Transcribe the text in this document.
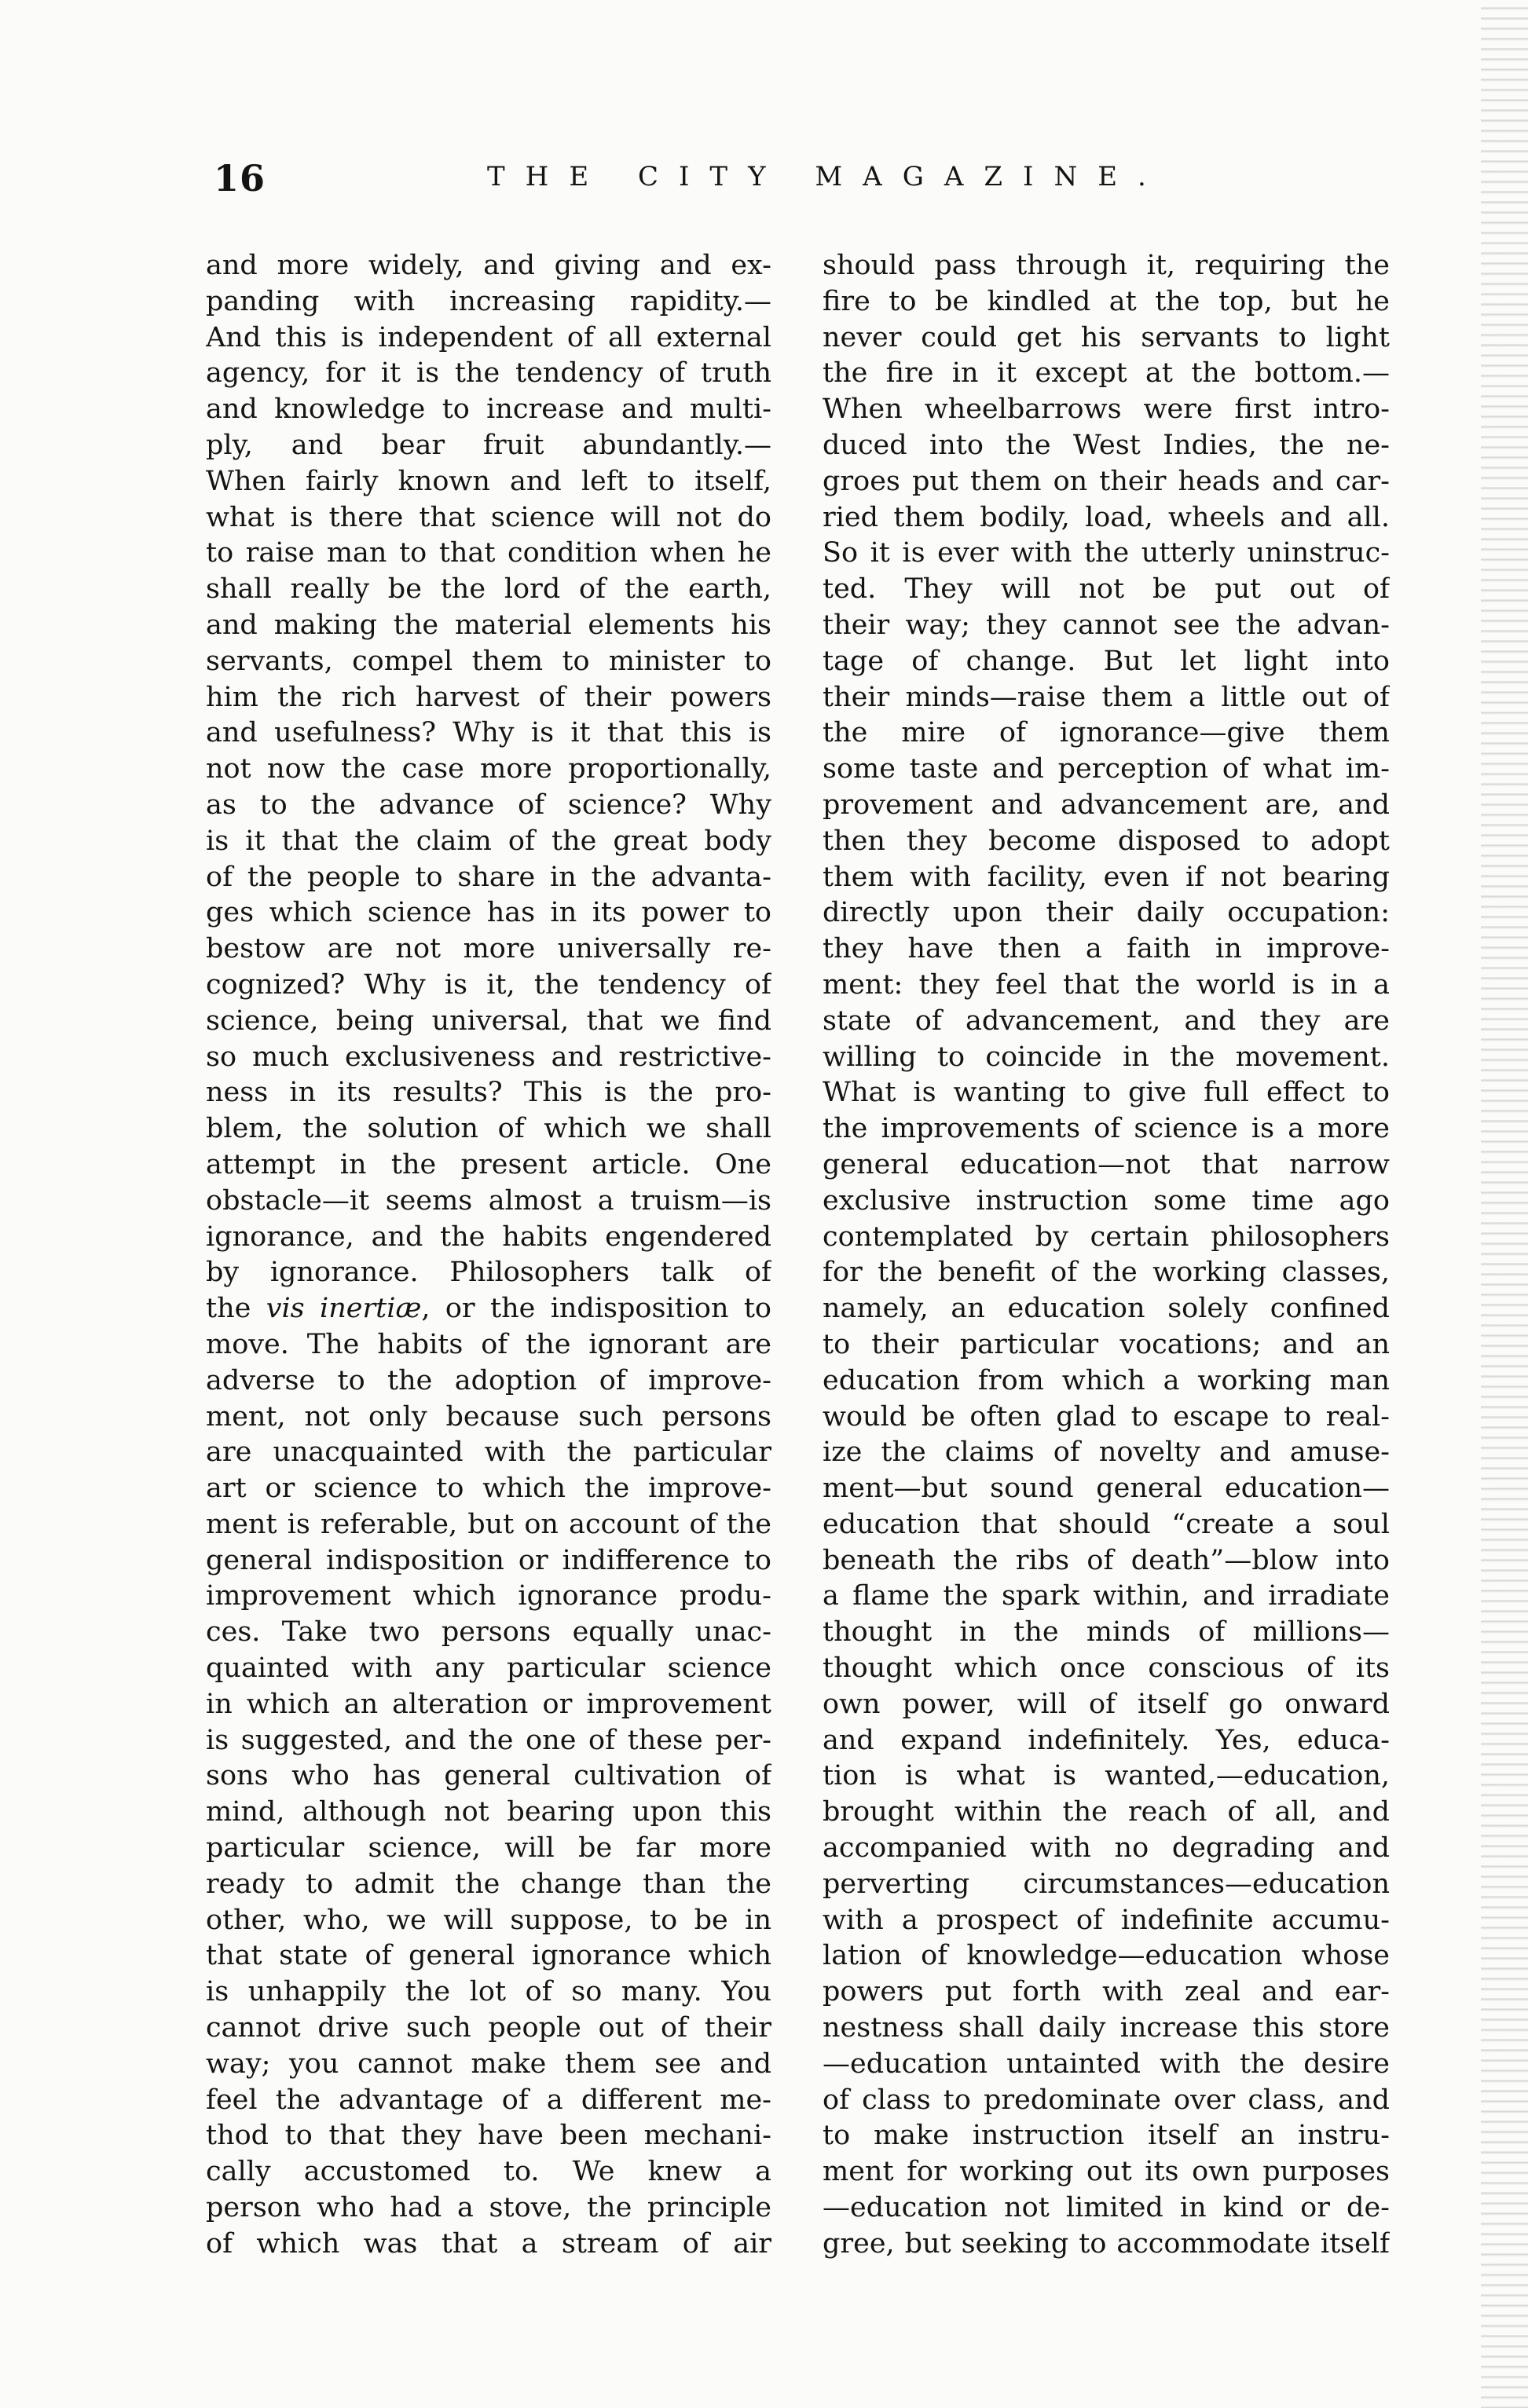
16	THE CITY MAGAZINE.
and more widely, and giving and ex-
panding with increasing rapidity.—
And this is independent of all external
agency, for it is the tendency of truth
and knowledge to increase and multi-
ply, and bear fruit abundantly.—
When fairly known and left to itself,
what is there that science will not do
to raise man to that condition when he
shall really be the lord of the earth,
and making the material elements his
servants, compel them to minister to
him the rich harvest of their powers
and usefulness? Why is it that this is
not now the case more proportionally,
as to the advance of science? Why
is it that the claim of the great body
of the people to share in the advanta-
ges which science has in its power to
bestow are not more universally re-
cognized? Why is it, the tendency of
science, being universal, that we find
so much exclusiveness and restrictive-
ness in its results? This is the pro-
blem, the solution of which we shall
attempt in the present article. One
obstacle—it seems almost a truism—is
ignorance, and the habits engendered
by ignorance. Philosophers talk of
the vis inertiæ, or the indisposition to
move. The habits of the ignorant are
adverse to the adoption of improve-
ment, not only because such persons
are unacquainted with the particular
art or science to which the improve-
ment is referable, but on account of the
general indisposition or indifference to
improvement which ignorance produ-
ces. Take two persons equally unac-
quainted with any particular science
in which an alteration or improvement
is suggested, and the one of these per-
sons who has general cultivation of
mind, although not bearing upon this
particular science, will be far more
ready to admit the change than the
other, who, we will suppose, to be in
that state of general ignorance which
is unhappily the lot of so many. You
cannot drive such people out of their
way; you cannot make them see and
feel the advantage of a different me-
thod to that they have been mechani-
cally accustomed to. We knew a
person who had a stove, the principle
of which was that a stream of air
should pass through it, requiring the
fire to be kindled at the top, but he
never could get his servants to light
the fire in it except at the bottom.—
When wheelbarrows were first intro-
duced into the West Indies, the ne-
groes put them on their heads and car-
ried them bodily, load, wheels and all.
So it is ever with the utterly uninstruc-
ted. They will not be put out of
their way; they cannot see the advan-
tage of change. But let light into
their minds—raise them a little out of
the mire of ignorance—give them
some taste and perception of what im-
provement and advancement are, and
then they become disposed to adopt
them with facility, even if not bearing
directly upon their daily occupation:
they have then a faith in improve-
ment: they feel that the world is in a
state of advancement, and they are
willing to coincide in the movement.
What is wanting to give full effect to
the improvements of science is a more
general education—not that narrow
exclusive instruction some time ago
contemplated by certain philosophers
for the benefit of the working classes,
namely, an education solely confined
to their particular vocations; and an
education from which a working man
would be often glad to escape to real-
ize the claims of novelty and amuse-
ment—but sound general education—
education that should “create a soul
beneath the ribs of death”—blow into
a flame the spark within, and irradiate
thought in the minds of millions—
thought which once conscious of its
own power, will of itself go onward
and expand indefinitely. Yes, educa-
tion is what is wanted,—education,
brought within the reach of all, and
accompanied with no degrading and
perverting circumstances—education
with a prospect of indefinite accumu-
lation of knowledge—education whose
powers put forth with zeal and ear-
nestness shall daily increase this store
—education untainted with the desire
of class to predominate over class, and
to make instruction itself an instru-
ment for working out its own purposes
—education not limited in kind or de-
gree, but seeking to accommodate itself
